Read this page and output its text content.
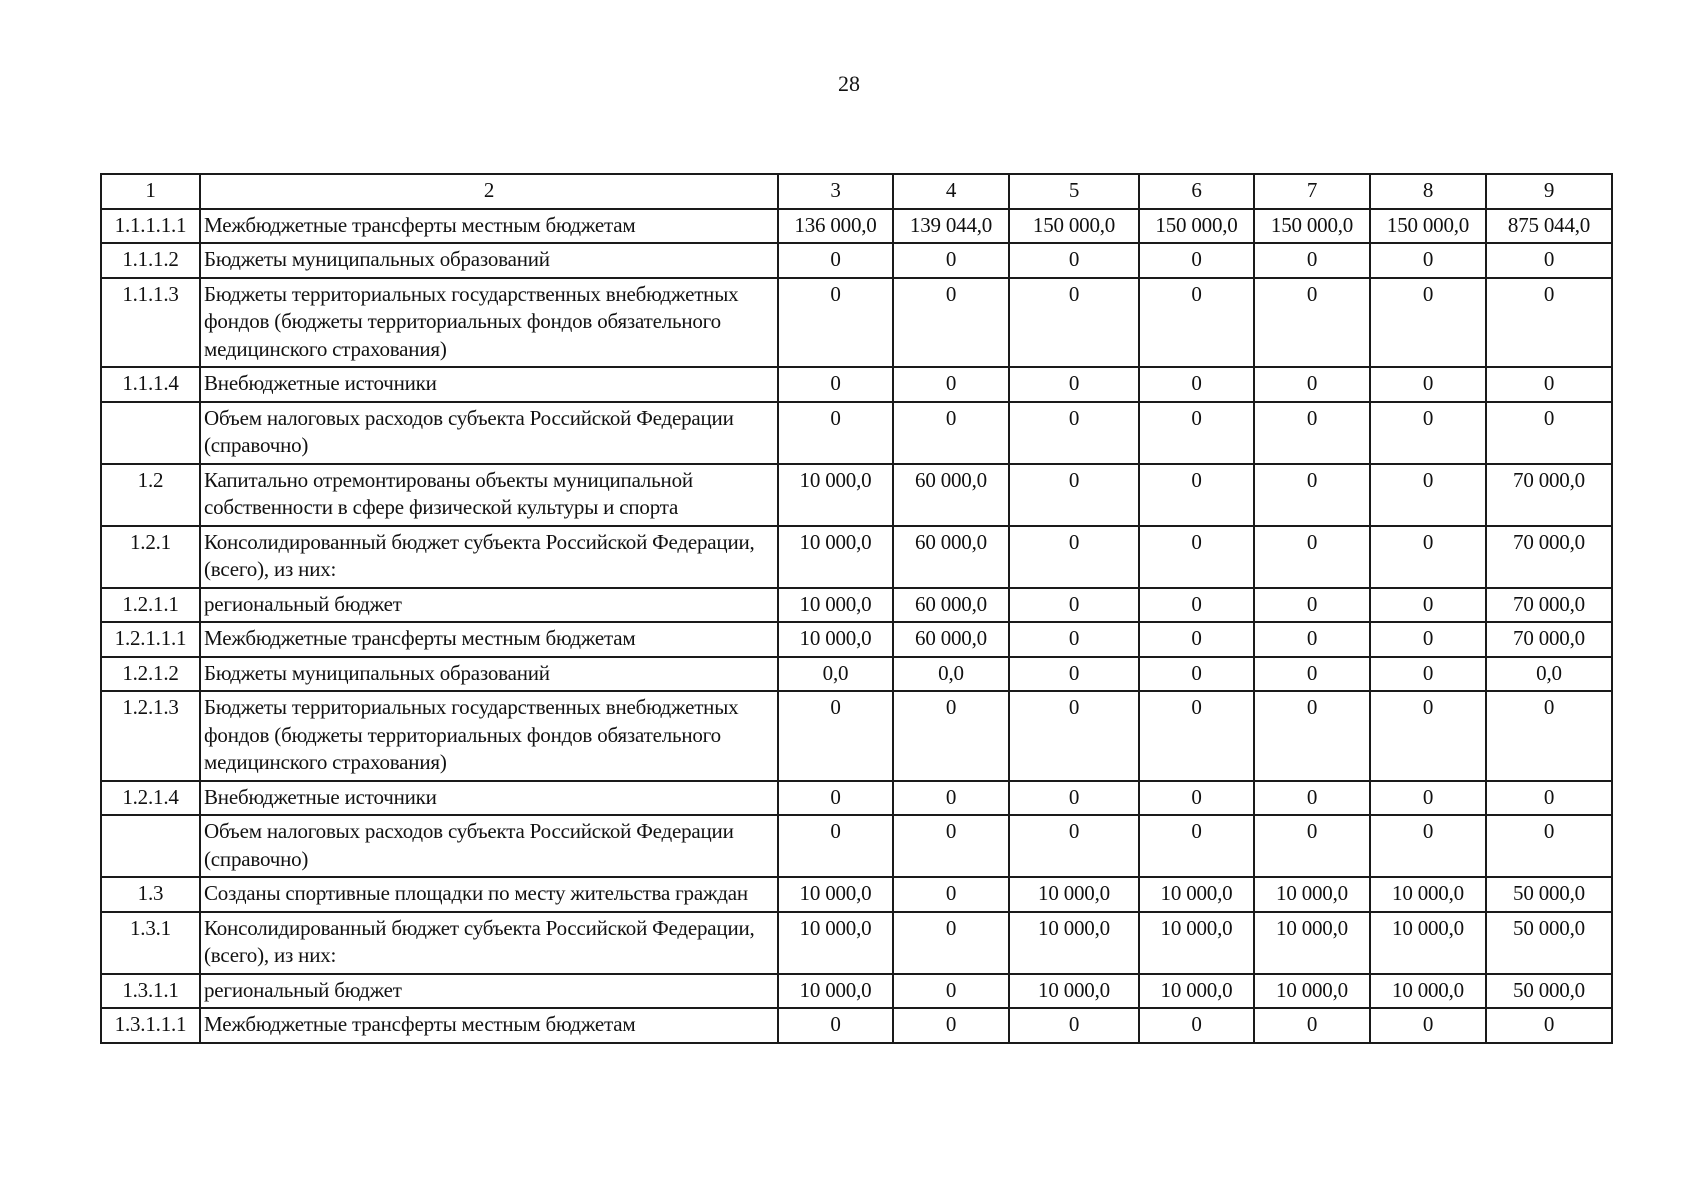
28
1	2	3	4	5	6	7	8	9
1.1.1.1.1	Межбюджетные трансферты местным бюджетам	136 000,0	139 044,0	150 000,0	150 000,0	150 000,0	150 000,0	875 044,0
1.1.1.2	Бюджеты муниципальных образований	0	0	0	0	0	0	0
1.1.1.3	Бюджеты территориальных государственных внебюджетных фондов (бюджеты территориальных фондов обязательного медицинского страхования)	0	0	0	0	0	0	0
1.1.1.4	Внебюджетные источники	0	0	0	0	0	0	0
	Объем налоговых расходов субъекта Российской Федерации (справочно)	0	0	0	0	0	0	0
1.2	Капитально отремонтированы объекты муниципальной собственности в сфере физической культуры и спорта	10 000,0	60 000,0	0	0	0	0	70 000,0
1.2.1	Консолидированный бюджет субъекта Российской Федерации, (всего), из них:	10 000,0	60 000,0	0	0	0	0	70 000,0
1.2.1.1	региональный бюджет	10 000,0	60 000,0	0	0	0	0	70 000,0
1.2.1.1.1	Межбюджетные трансферты местным бюджетам	10 000,0	60 000,0	0	0	0	0	70 000,0
1.2.1.2	Бюджеты муниципальных образований	0,0	0,0	0	0	0	0	0,0
1.2.1.3	Бюджеты территориальных государственных внебюджетных фондов (бюджеты территориальных фондов обязательного медицинского страхования)	0	0	0	0	0	0	0
1.2.1.4	Внебюджетные источники	0	0	0	0	0	0	0
	Объем налоговых расходов субъекта Российской Федерации (справочно)	0	0	0	0	0	0	0
1.3	Созданы спортивные площадки по месту жительства граждан	10 000,0	0	10 000,0	10 000,0	10 000,0	10 000,0	50 000,0
1.3.1	Консолидированный бюджет субъекта Российской Федерации, (всего), из них:	10 000,0	0	10 000,0	10 000,0	10 000,0	10 000,0	50 000,0
1.3.1.1	региональный бюджет	10 000,0	0	10 000,0	10 000,0	10 000,0	10 000,0	50 000,0
1.3.1.1.1	Межбюджетные трансферты местным бюджетам	0	0	0	0	0	0	0
